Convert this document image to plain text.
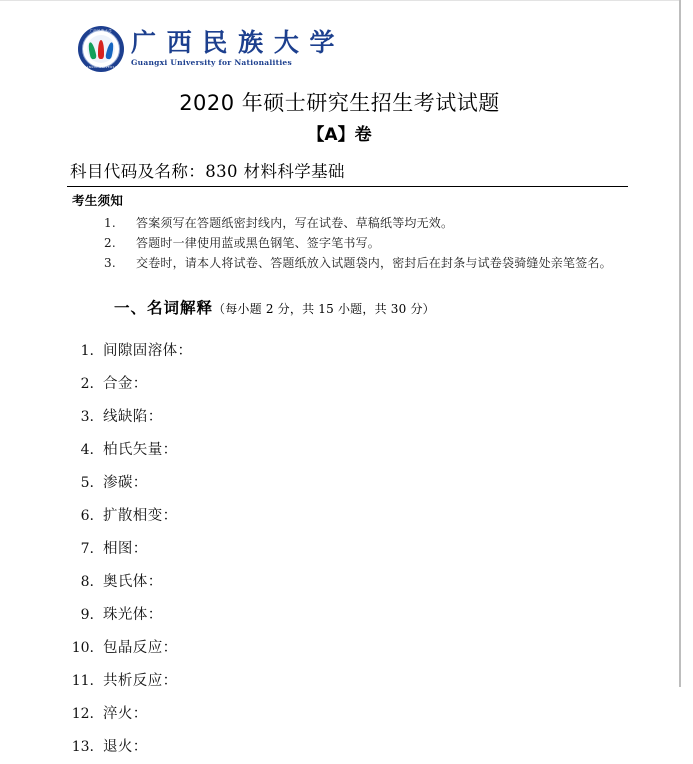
广西民族大学
GUANGXI UNIVERSITY
广 西 民 族 大 学
Guangxi University for Nationalities
2020 年硕士研究生招生考试试题
【A】卷
科目代码及名称：830 材料科学基础
考生须知
1.	答案须写在答题纸密封线内，写在试卷、草稿纸等均无效。
2.	答题时一律使用蓝或黑色钢笔、签字笔书写。
3.	交卷时，请本人将试卷、答题纸放入试题袋内，密封后在封条与试卷袋骑缝处亲笔签名。
一、名词解释 （每小题 2 分，共 15 小题，共 30 分）
1. 间隙固溶体：
2. 合金：
3. 线缺陷：
4. 柏氏矢量：
5. 渗碳：
6. 扩散相变：
7. 相图：
8. 奥氏体：
9. 珠光体：
10. 包晶反应：
11. 共析反应：
12. 淬火：
13. 退火：
